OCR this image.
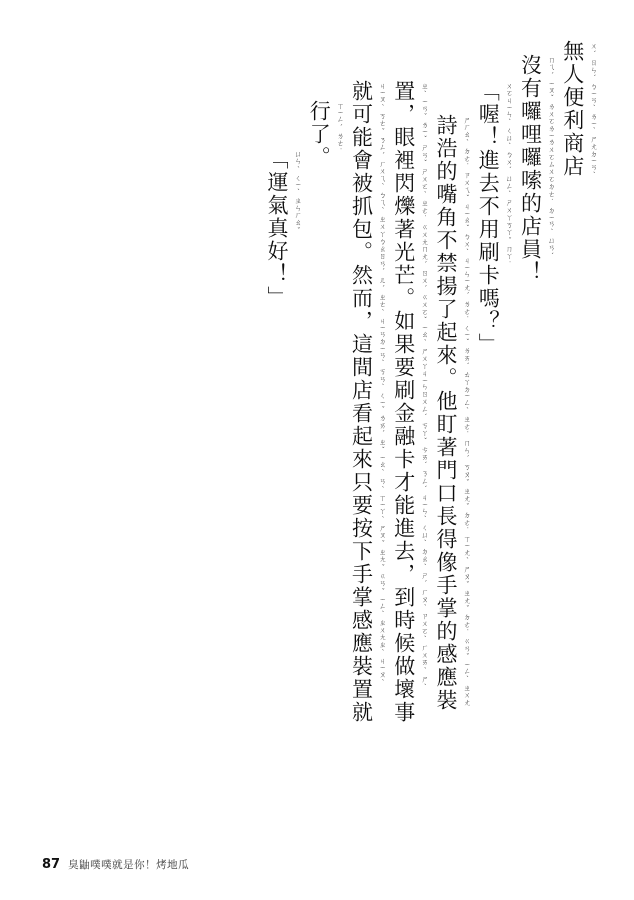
無人便利商店 ㄨˊㄖㄣˊㄅㄧㄢˋㄌㄧˋㄕㄤㄉㄧㄢˋ
沒有囉哩囉嗦的店員！ ㄇㄟˊㄧㄡˇㄌㄨㄛㄌㄧㄌㄨㄛㄙㄨㄛㄉㄜ˙ㄉㄧㄢˋㄩㄢˊ
「喔！進去不用刷卡嗎？」 ㄨㄛㄐㄧㄣˋㄑㄩˋㄅㄨˊㄩㄥˋㄕㄨㄚㄎㄚˇㄇㄚ˙
詩浩的嘴角不禁揚了起來。他盯著門口長得像手掌的感應裝 ㄕㄏㄠˋㄉㄜ˙ㄗㄨㄟˇㄐㄧㄠˇㄅㄨˋㄐㄧㄣㄧㄤˊㄌㄜ˙ㄑㄧˇㄌㄞˊㄊㄚㄉㄧㄥˋㄓㄜ˙ㄇㄣˊㄎㄡˇㄓㄤˇㄉㄜ˙ㄒㄧㄤˋㄕㄡˇㄓㄤˇㄉㄜ˙ㄍㄢˇㄧㄥˋㄓㄨㄤ
置，眼裡閃爍著光芒。如果要刷金融卡才能進去，到時候做壞事 ㄓˋㄧㄢˇㄌㄧˇㄕㄢˇㄕㄨㄛˋㄓㄜ˙ㄍㄨㄤㄇㄤˊㄖㄨˊㄍㄨㄛˇㄧㄠˋㄕㄨㄚㄐㄧㄣㄖㄨㄥˊㄎㄚˇㄘㄞˊㄋㄥˊㄐㄧㄣˋㄑㄩˋㄉㄠˋㄕˊㄏㄡˋㄗㄨㄛˋㄏㄨㄞˋㄕˋ
就可能會被抓包。然而，這間店看起來只要按下手掌感應裝置就 ㄐㄧㄡˋㄎㄜˇㄋㄥˊㄏㄨㄟˋㄅㄟˋㄓㄨㄚㄅㄠㄖㄢˊㄦˊㄓㄜˋㄐㄧㄢㄉㄧㄢˋㄎㄢˋㄑㄧˇㄌㄞˊㄓˇㄧㄠˋㄢˋㄒㄧㄚˋㄕㄡˇㄓㄤˇㄍㄢˇㄧㄥˋㄓㄨㄤㄓˋㄐㄧㄡˋ
行了。 ㄒㄧㄥˊㄌㄜ˙
「運氣真好！」 ㄩㄣˋㄑㄧˋㄓㄣㄏㄠˇ
87 臭鼬噗噗就是你！烤地瓜
